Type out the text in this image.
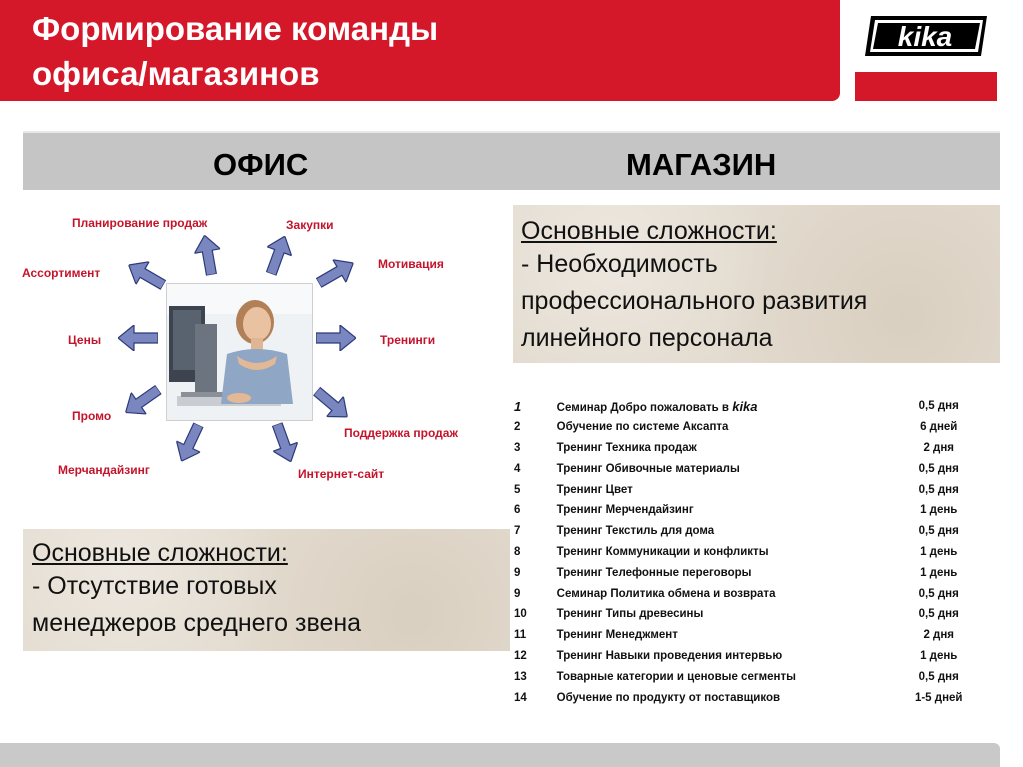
Формирование команды
офиса/магазинов
kika
ОФИС	МАГАЗИН
Планирование продаж	Закупки
Мотивация
Тренинги
Поддержка продаж
Интернет-сайт
Мерчандайзинг
Промо
Цены
Ассортимент
Основные сложности:
- Отсутствие готовых
менеджеров среднего звена
Основные сложности:
- Необходимость
профессионального развития
линейного персонала
1	Семинар Добро пожаловать в kika	0,5 дня
2	Обучение по системе Аксапта	6 дней
3	Тренинг Техника продаж	2 дня
4	Тренинг Обивочные материалы	0,5 дня
5	Тренинг Цвет	0,5 дня
6	Тренинг Мерчендайзинг	1 день
7	Тренинг Текстиль для дома	0,5 дня
8	Тренинг Коммуникации и конфликты	1 день
9	Тренинг Телефонные переговоры	1 день
9	Семинар Политика обмена и возврата	0,5 дня
10	Тренинг Типы древесины	0,5 дня
11	Тренинг Менеджмент	2 дня
12	Тренинг Навыки проведения интервью	1 день
13	Товарные категории и ценовые сегменты	0,5 дня
14	Обучение по продукту от поставщиков	1-5 дней
